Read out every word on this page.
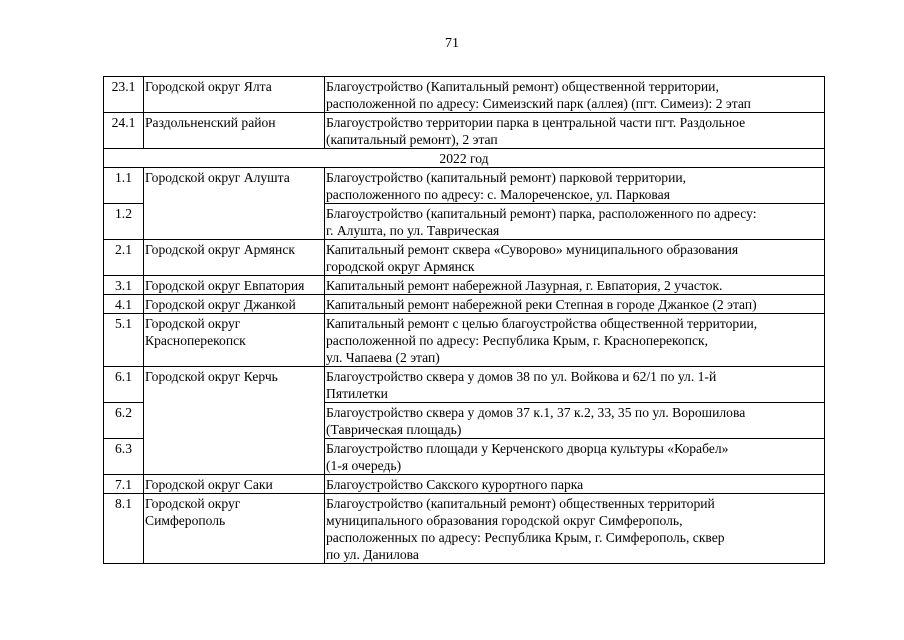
71
23.1	Городской округ Ялта	Благоустройство (Капитальный ремонт) общественной территории,
расположенной по адресу: Симеизский парк (аллея) (пгт. Симеиз): 2 этап

24.1	Раздольненский район	Благоустройство территории парка в центральной части пгт. Раздольное
(капитальный ремонт), 2 этап

2022 год		
1.1	Городской округ Алушта	Благоустройство (капитальный ремонт) парковой территории,
расположенного по адресу: с. Малореченское, ул. Парковая

1.2		Благоустройство (капитальный ремонт) парка, расположенного по адресу:
г. Алушта, по ул. Таврическая

2.1	Городской округ Армянск	Капитальный ремонт сквера «Суворово» муниципального образования
городской округ Армянск

3.1	Городской округ Евпатория	Капитальный ремонт набережной Лазурная, г. Евпатория, 2 участок.

4.1	Городской округ Джанкой	Капитальный ремонт набережной реки Степная в городе Джанкое (2 этап)

5.1	Городской округ
Красноперекопск	Капитальный ремонт с целью благоустройства общественной территории,
расположенной по адресу: Республика Крым, г. Красноперекопск,
ул. Чапаева (2 этап)

6.1	Городской округ Керчь	Благоустройство сквера у домов 38 по ул. Войкова и 62/1 по ул. 1-й
Пятилетки

6.2		Благоустройство сквера у домов 37 к.1, 37 к.2, 33, 35 по ул. Ворошилова
(Таврическая площадь)

6.3		Благоустройство площади у Керченского дворца культуры «Корабел»
(1-я очередь)

7.1	Городской округ Саки	Благоустройство Сакского курортного парка

8.1	Городской округ
Симферополь	Благоустройство (капитальный ремонт) общественных территорий
муниципального образования городской округ Симферополь,
расположенных по адресу: Республика Крым, г. Симферополь, сквер
по ул. Данилова
